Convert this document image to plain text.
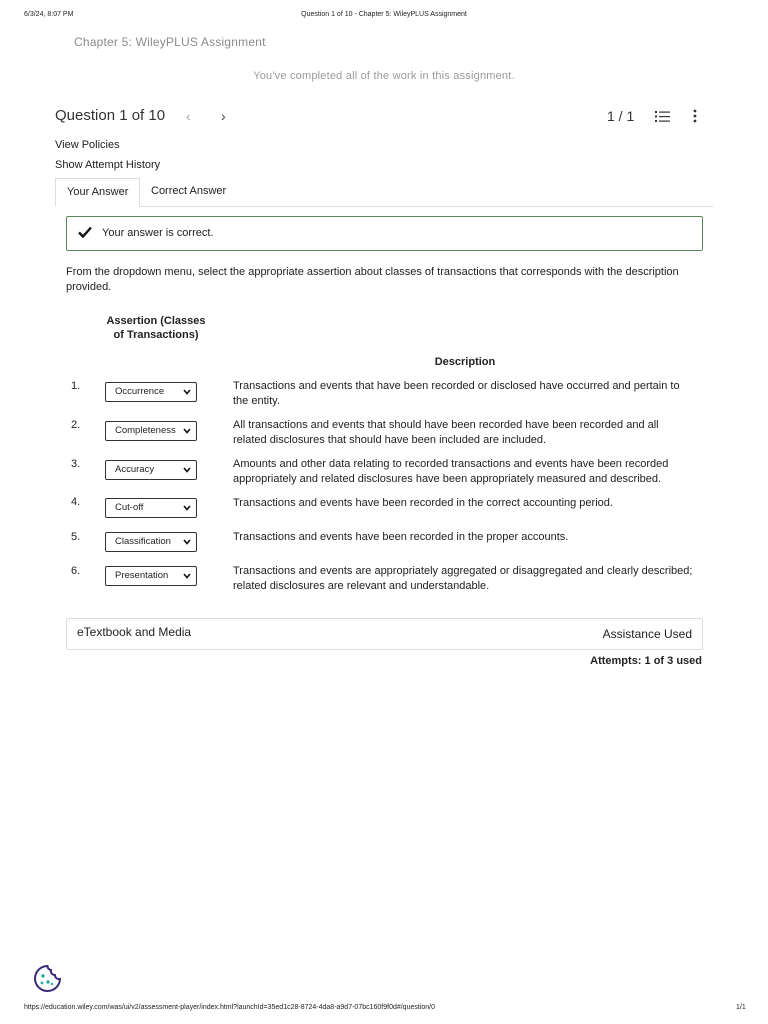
6/3/24, 8:07 PM	Question 1 of 10 - Chapter 5: WileyPLUS Assignment
Chapter 5: WileyPLUS Assignment
You've completed all of the work in this assignment.
Question 1 of 10 ‹ ›	1 / 1
View Policies
Show Attempt History
Your Answer	Correct Answer
Your answer is correct.
From the dropdown menu, select the appropriate assertion about classes of transactions that corresponds with the description provided.
Assertion (Classes of Transactions)
Description
1.	Occurrence	Transactions and events that have been recorded or disclosed have occurred and pertain to the entity.
2.	Completeness	All transactions and events that should have been recorded have been recorded and all related disclosures that should have been included are included.
3.	Accuracy	Amounts and other data relating to recorded transactions and events have been recorded appropriately and related disclosures have been appropriately measured and described.
4.	Cut-off	Transactions and events have been recorded in the correct accounting period.
5.	Classification	Transactions and events have been recorded in the proper accounts.
6.	Presentation	Transactions and events are appropriately aggregated or disaggregated and clearly described; related disclosures are relevant and understandable.
eTextbook and Media	Assistance Used
Attempts: 1 of 3 used
https://education.wiley.com/was/ui/v2/assessment-player/index.html?launchId=35ed1c28-8724-4da8-a9d7-07bc160f9f0d#/question/0	1/1
